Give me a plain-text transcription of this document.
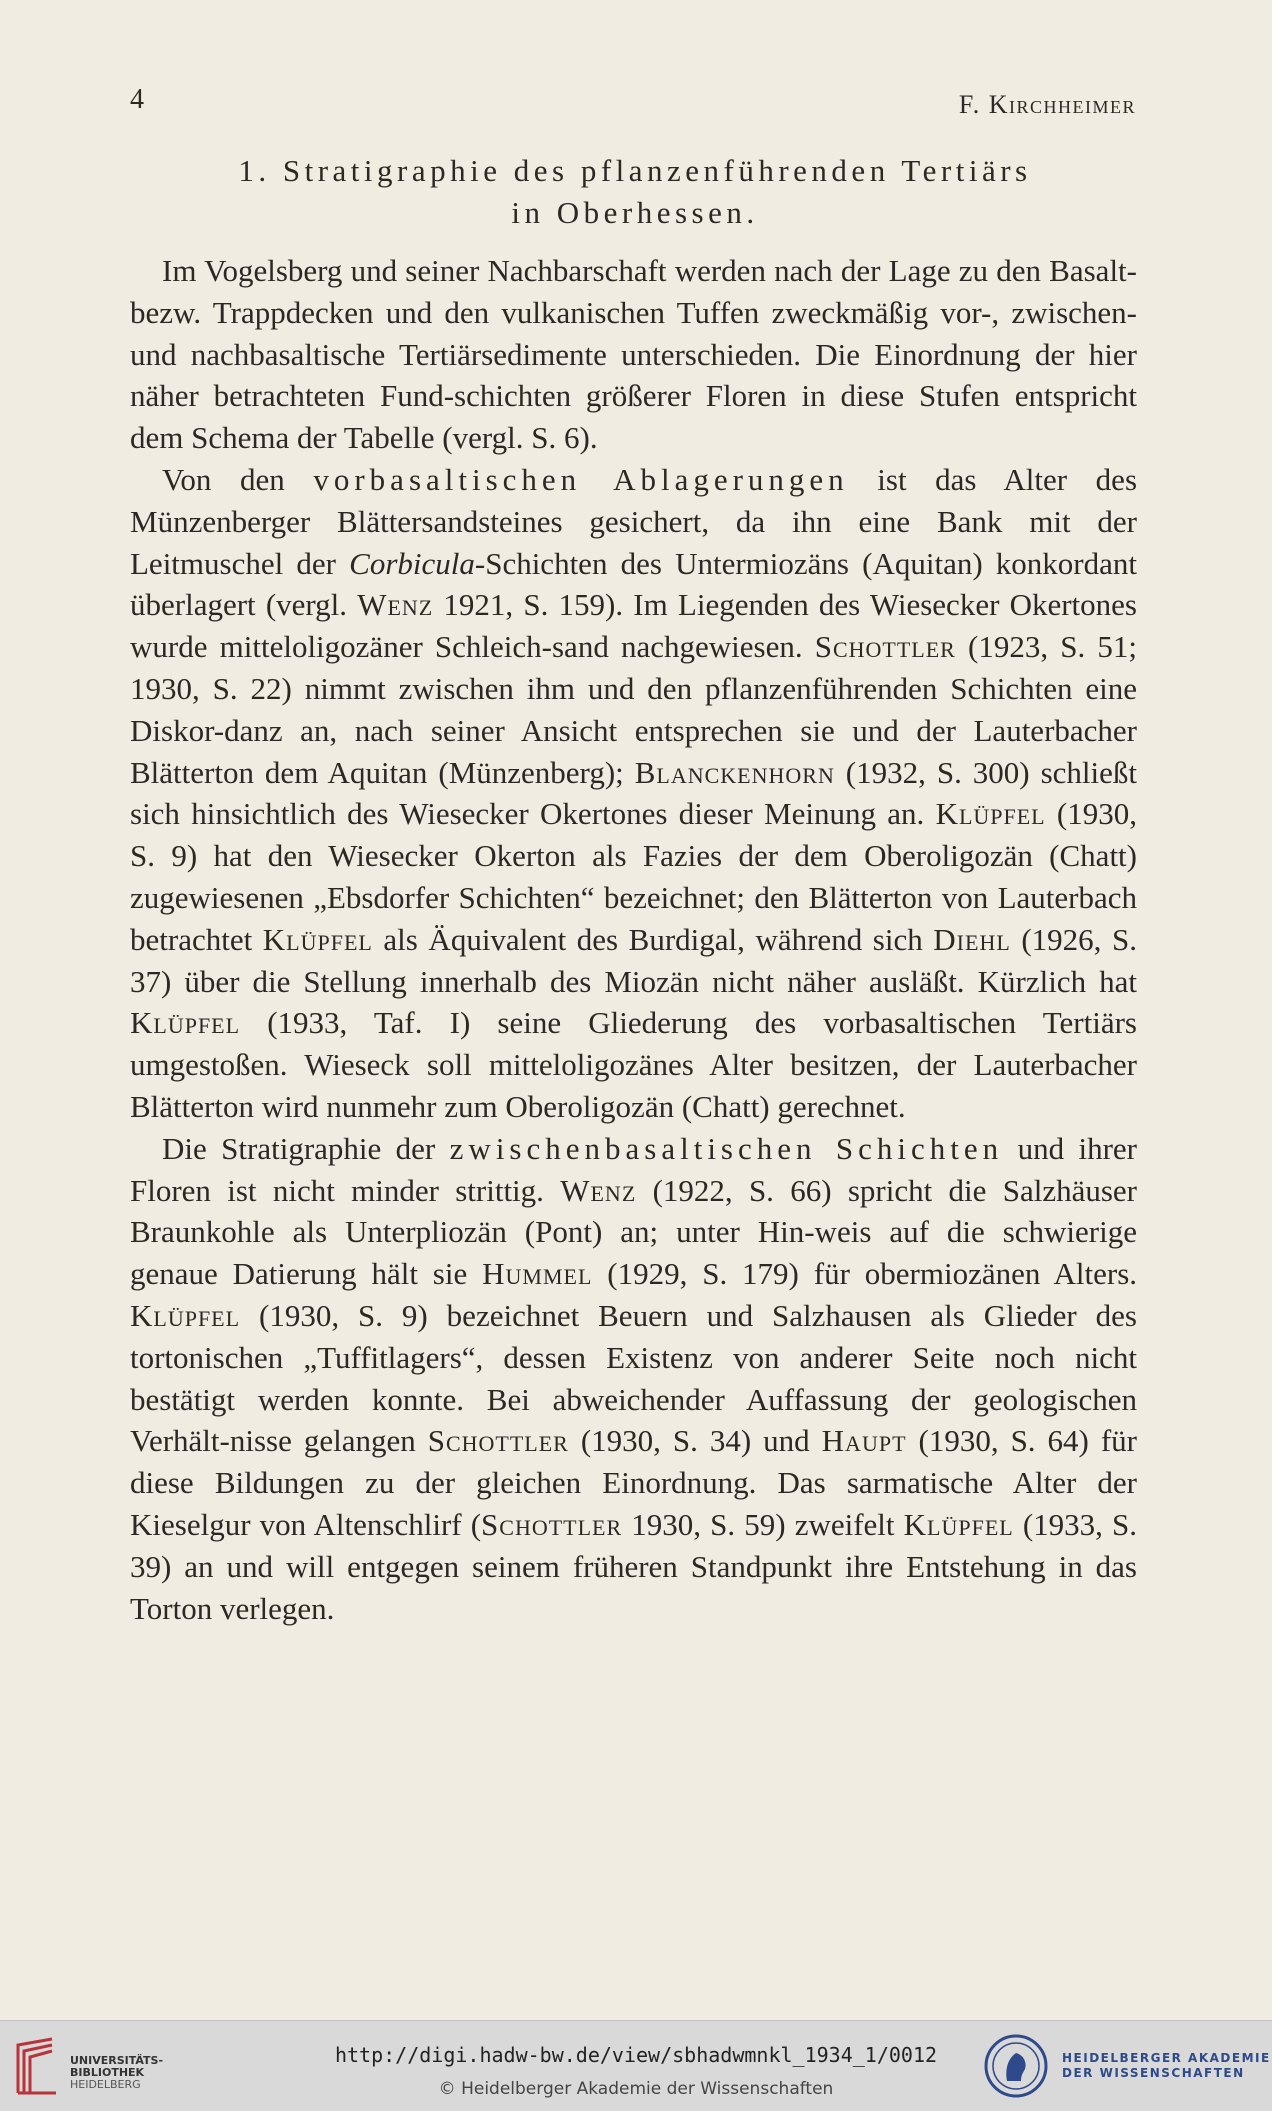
4	F. Kirchheimer
1. Stratigraphie des pflanzenführenden Tertiärs
in Oberhessen.

Im Vogelsberg und seiner Nachbarschaft werden nach der Lage zu den Basalt- bezw. Trappdecken und den vulkanischen Tuffen zweckmäßig vor-, zwischen- und nachbasaltische Tertiärsedimente unterschieden. Die Einordnung der hier näher betrachteten Fund-schichten größerer Floren in diese Stufen entspricht dem Schema der Tabelle (vergl. S. 6).

Von den vorbasaltischen Ablagerungen ist das Alter des Münzenberger Blättersandsteines gesichert, da ihn eine Bank mit der Leitmuschel der Corbicula-Schichten des Untermiozäns (Aquitan) konkordant überlagert (vergl. Wenz 1921, S. 159). Im Liegenden des Wiesecker Okertones wurde mitteloligozäner Schleich-sand nachgewiesen. Schottler (1923, S. 51; 1930, S. 22) nimmt zwischen ihm und den pflanzenführenden Schichten eine Diskor-danz an, nach seiner Ansicht entsprechen sie und der Lauterbacher Blätterton dem Aquitan (Münzenberg); Blanckenhorn (1932, S. 300) schließt sich hinsichtlich des Wiesecker Okertones dieser Meinung an. Klüpfel (1930, S. 9) hat den Wiesecker Okerton als Fazies der dem Oberoligozän (Chatt) zugewiesenen „Ebsdorfer Schichten“ bezeichnet; den Blätterton von Lauterbach betrachtet Klüpfel als Äquivalent des Burdigal, während sich Diehl (1926, S. 37) über die Stellung innerhalb des Miozän nicht näher ausläßt. Kürzlich hat Klüpfel (1933, Taf. I) seine Gliederung des vorbasaltischen Tertiärs umgestoßen. Wieseck soll mitteloligozänes Alter besitzen, der Lauterbacher Blätterton wird nunmehr zum Oberoligozän (Chatt) gerechnet.

Die Stratigraphie der zwischenbasaltischen Schichten und ihrer Floren ist nicht minder strittig. Wenz (1922, S. 66) spricht die Salzhäuser Braunkohle als Unterpliozän (Pont) an; unter Hin-weis auf die schwierige genaue Datierung hält sie Hummel (1929, S. 179) für obermiozänen Alters. Klüpfel (1930, S. 9) bezeichnet Beuern und Salzhausen als Glieder des tortonischen „Tuffitlagers“, dessen Existenz von anderer Seite noch nicht bestätigt werden konnte. Bei abweichender Auffassung der geologischen Verhält-nisse gelangen Schottler (1930, S. 34) und Haupt (1930, S. 64) für diese Bildungen zu der gleichen Einordnung. Das sarmatische Alter der Kieselgur von Altenschlirf (Schottler 1930, S. 59) zweifelt Klüpfel (1933, S. 39) an und will entgegen seinem früheren Standpunkt ihre Entstehung in das Torton verlegen.

UNIVERSITÄTS-
BIBLIOTHEK
HEIDELBERG
http://digi.hadw-bw.de/view/sbhadwmnkl_1934_1/0012
© Heidelberger Akademie der Wissenschaften
HEIDELBERGER AKADEMIE
DER WISSENSCHAFTEN
